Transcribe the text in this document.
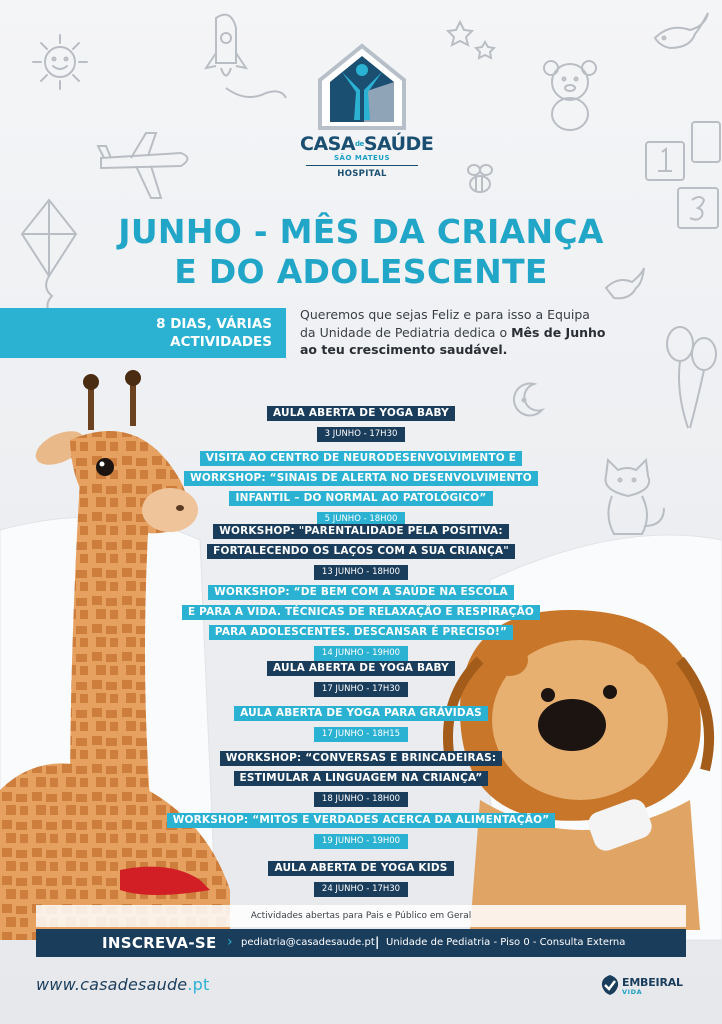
$CASA^{de}SAÚDE$
SÃO MATEUS
HOSPITAL
JUNHO - MÊS DA CRIANÇA
E DO ADOLESCENTE
8 DIAS, VÁRIAS
ACTIVIDADES
Queremos que sejas Feliz e para isso a Equipa
da Unidade de Pediatria dedica o Mês de Junho
ao teu crescimento saudável.
AULA ABERTA DE YOGA BABY
3 JUNHO - 17H30
VISITA AO CENTRO DE NEURODESENVOLVIMENTO E
WORKSHOP: “SINAIS DE ALERTA NO DESENVOLVIMENTO
INFANTIL – DO NORMAL AO PATOLÓGICO”
5 JUNHO - 18H00
WORKSHOP: "PARENTALIDADE PELA POSITIVA:
FORTALECENDO OS LAÇOS COM A SUA CRIANÇA"
13 JUNHO - 18H00
WORKSHOP: “DE BEM COM A SAÚDE NA ESCOLA
E PARA A VIDA. TÉCNICAS DE RELAXAÇÃO E RESPIRAÇÃO
PARA ADOLESCENTES. DESCANSAR É PRECISO!”
14 JUNHO - 19H00
AULA ABERTA DE YOGA BABY
17 JUNHO - 17H30
AULA ABERTA DE YOGA PARA GRÁVIDAS
17 JUNHO - 18H15
WORKSHOP: “CONVERSAS E BRINCADEIRAS:
ESTIMULAR A LINGUAGEM NA CRIANÇA”
18 JUNHO - 18H00
WORKSHOP: “MITOS E VERDADES ACERCA DA ALIMENTAÇÃO”
19 JUNHO - 19H00
AULA ABERTA DE YOGA KIDS
24 JUNHO - 17H30
Actividades abertas para Pais e Público em Geral
INSCREVA-SE › pediatria@casadesaude.pt | Unidade de Pediatria - Piso 0 - Consulta Externa
www.casadesaude.pt	EMBEIRAL
VIDA
